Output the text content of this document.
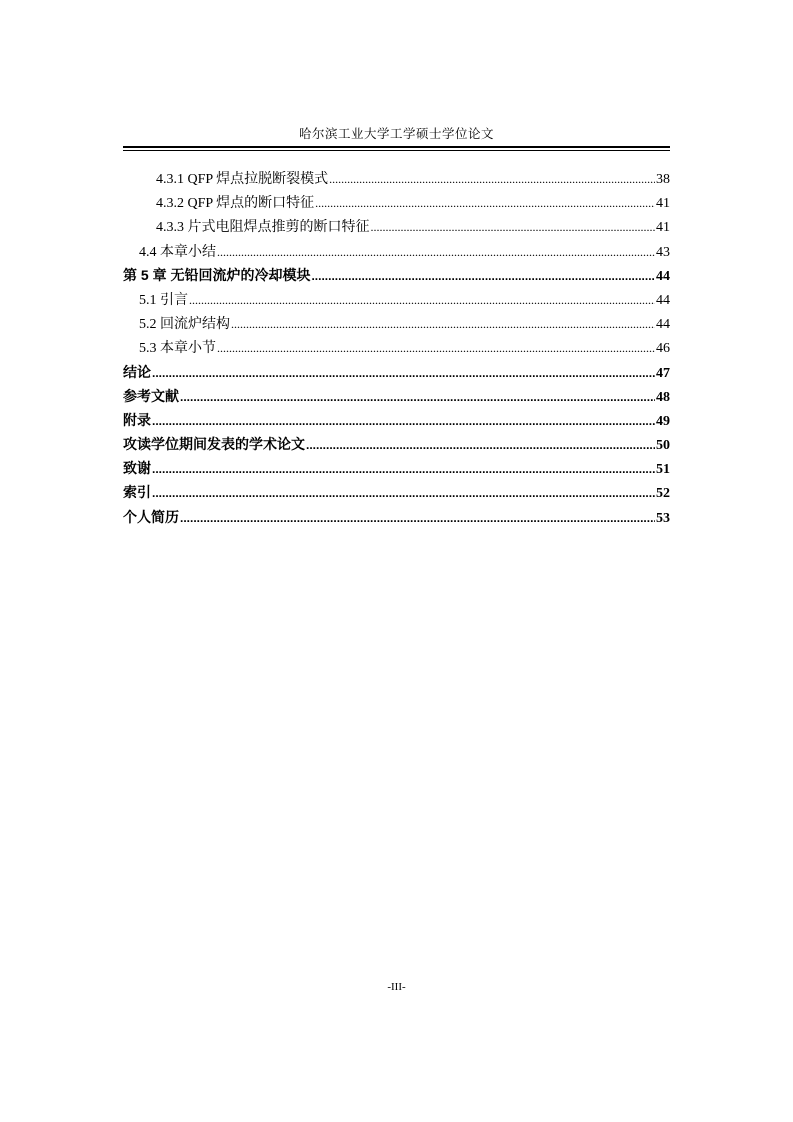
哈尔滨工业大学工学硕士学位论文
4.3.1 QFP 焊点拉脱断裂模式 .....	38
4.3.2 QFP 焊点的断口特征 .....	41
4.3.3 片式电阻焊点推剪的断口特征 .....	41
4.4 本章小结 .....	43
第 5 章 无铅回流炉的冷却模块 .....	44
5.1 引言 .....	44
5.2 回流炉结构 .....	44
5.3 本章小节 .....	46
结论 .....	47
参考文献 .....	48
附录 .....	49
攻读学位期间发表的学术论文 .....	50
致谢 .....	51
索引 .....	52
个人简历 .....	53
-III-
